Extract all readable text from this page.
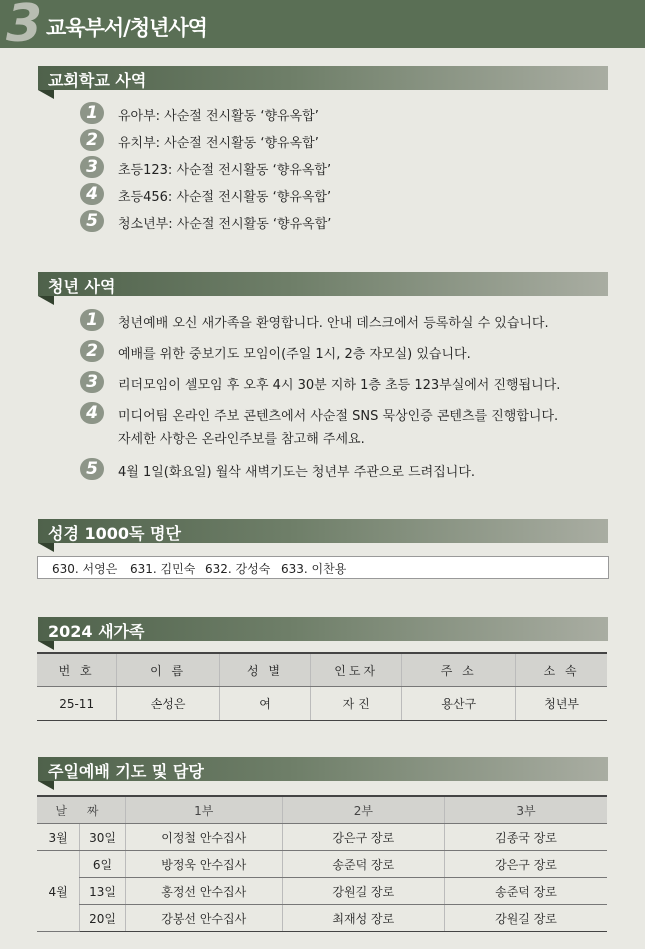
3 교육부서/청년사역
교회학교 사역
1	유아부: 사순절 전시활동 ‘향유옥합’
2	유치부: 사순절 전시활동 ‘향유옥합’
3	초등123: 사순절 전시활동 ‘향유옥합’
4	초등456: 사순절 전시활동 ‘향유옥합’
5	청소년부: 사순절 전시활동 ‘향유옥합’
청년 사역
1	청년예배 오신 새가족을 환영합니다. 안내 데스크에서 등록하실 수 있습니다.
2	예배를 위한 중보기도 모임이(주일 1시, 2층 자모실) 있습니다.
3	리더모임이 셀모임 후 오후 4시 30분 지하 1층 초등 123부실에서 진행됩니다.
4	미디어팀 온라인 주보 콘텐츠에서 사순절 SNS 묵상인증 콘텐츠를 진행합니다.
자세한 사항은 온라인주보를 참고해 주세요.
5	4월 1일(화요일) 월삭 새벽기도는 청년부 주관으로 드려집니다.
성경 1000독 명단
630. 서영은 631. 김민숙 632. 강성숙 633. 이찬용
2024 새가족
번 호	이 름	성 별	인도자	주 소	소 속
25-11	손성은	여	자 진	용산구	청년부
주일예배 기도 및 담당
날 짜		1부	2부	3부
3월	30일	이정철 안수집사	강은구 장로	김종국 장로
4월	6일	방정욱 안수집사	송준덕 장로	강은구 장로
	13일	홍정선 안수집사	강원길 장로	송준덕 장로
	20일	강봉선 안수집사	최재성 장로	강원길 장로
